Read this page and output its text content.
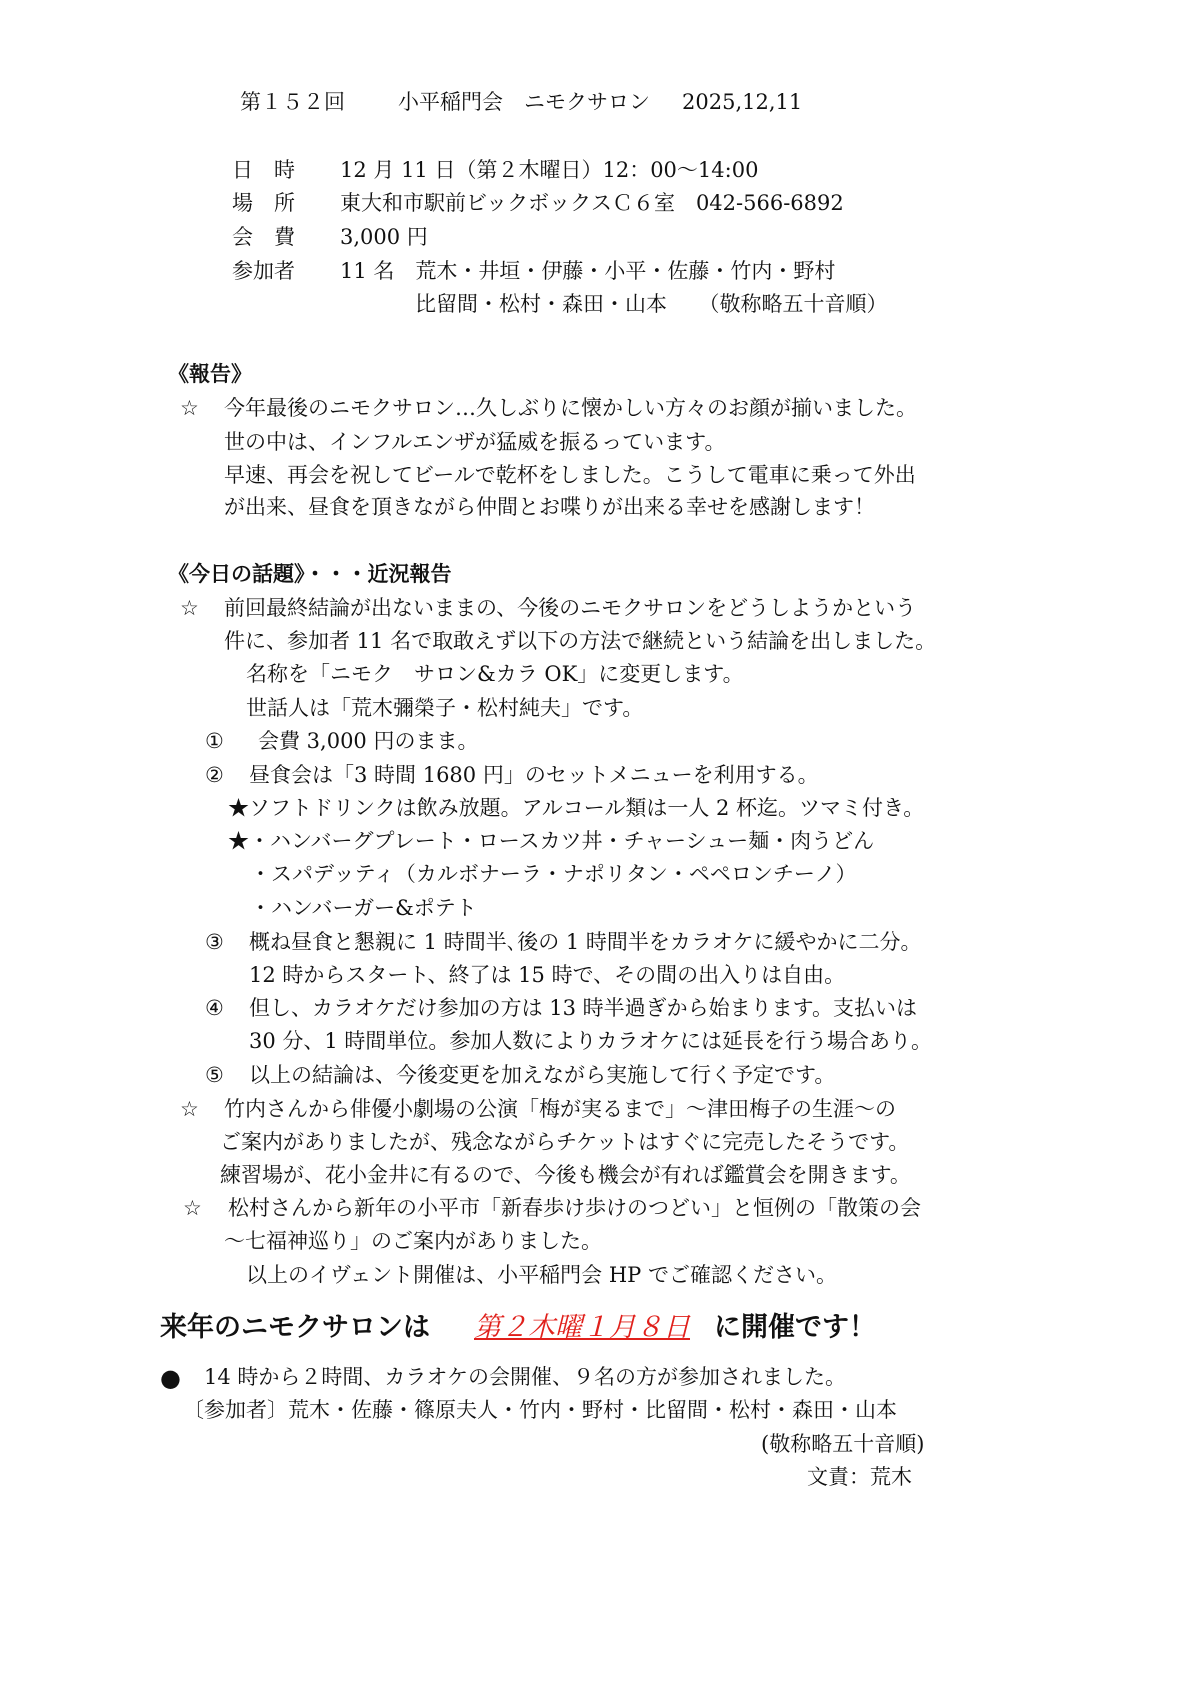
第１５２回	小平稲門会　ニモクサロン 2025,12,11
日　時 12 月 11 日（第２木曜日）12：00〜14:00
場　所 東大和市駅前ビックボックスＣ６室　042-566-6892
会　費 3,000 円
参加者 11 名　荒木・井垣・伊藤・小平・佐藤・竹内・野村
比留間・松村・森田・山本　　（敬称略五十音順）
《報告》
☆ 今年最後のニモクサロン…久しぶりに懐かしい方々のお顔が揃いました。
世の中は、インフルエンザが猛威を振るっています。
早速、再会を祝してビールで乾杯をしました。こうして電車に乗って外出
が出来、昼食を頂きながら仲間とお喋りが出来る幸せを感謝します！
《今日の話題》・・・近況報告
☆ 前回最終結論が出ないままの、今後のニモクサロンをどうしようかという
件に、参加者 11 名で取敢えず以下の方法で継続という結論を出しました。
名称を「ニモク　サロン&カラ OK」に変更します。
世話人は「荒木彌榮子・松村純夫」です。
① 会費 3,000 円のまま。
② 昼食会は「3 時間 1680 円」のセットメニューを利用する。
★ソフトドリンクは飲み放題。アルコール類は一人 2 杯迄。ツマミ付き。
★・ハンバーグプレート・ロースカツ丼・チャーシュー麺・肉うどん
・スパデッティ（カルボナーラ・ナポリタン・ペペロンチーノ）
・ハンバーガー&ポテト
③ 概ね昼食と懇親に 1 時間半､後の 1 時間半をカラオケに緩やかに二分。
12 時からスタート、終了は 15 時で、その間の出入りは自由。
④ 但し、カラオケだけ参加の方は 13 時半過ぎから始まります。支払いは
30 分、1 時間単位。参加人数によりカラオケには延長を行う場合あり。
⑤ 以上の結論は、今後変更を加えながら実施して行く予定です。
☆ 竹内さんから俳優小劇場の公演「梅が実るまで」〜津田梅子の生涯〜の
ご案内がありましたが、残念ながらチケットはすぐに完売したそうです。
練習場が、花小金井に有るので、今後も機会が有れば鑑賞会を開きます。
☆ 松村さんから新年の小平市「新春歩け歩けのつどい」と恒例の「散策の会
〜七福神巡り」のご案内がありました。
以上のイヴェント開催は、小平稲門会 HP でご確認ください。
来年のニモクサロンは 第２木曜１月８日 に開催です！
● 14 時から２時間、カラオケの会開催、９名の方が参加されました。
〔参加者〕荒木・佐藤・篠原夫人・竹内・野村・比留間・松村・森田・山本
(敬称略五十音順)
文責：荒木
